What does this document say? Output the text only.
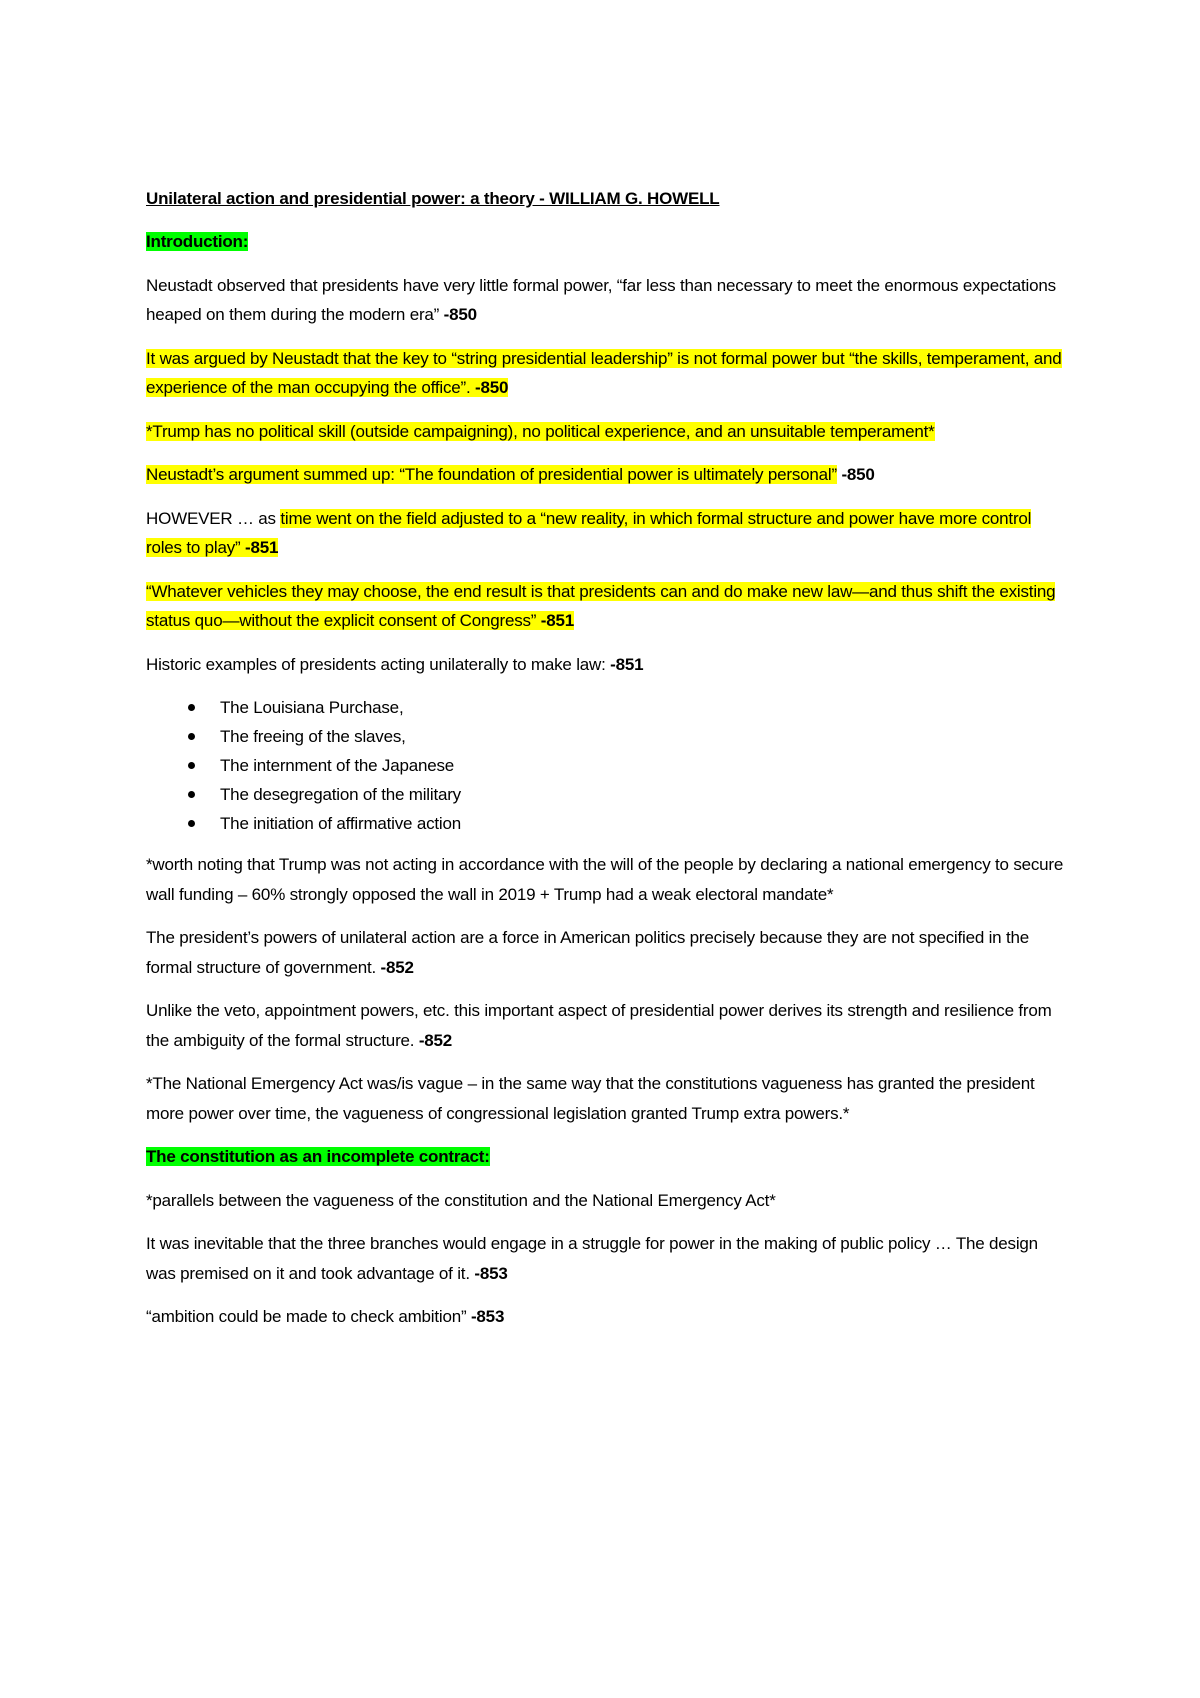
Unilateral action and presidential power: a theory - WILLIAM G. HOWELL

Introduction:

Neustadt observed that presidents have very little formal power, “far less than necessary to meet the enormous expectations heaped on them during the modern era” -850

It was argued by Neustadt that the key to “string presidential leadership” is not formal power but “the skills, temperament, and experience of the man occupying the office”. -850

*Trump has no political skill (outside campaigning), no political experience, and an unsuitable temperament*

Neustadt’s argument summed up: “The foundation of presidential power is ultimately personal” -850

HOWEVER … as time went on the field adjusted to a “new reality, in which formal structure and power have more control roles to play” -851

“Whatever vehicles they may choose, the end result is that presidents can and do make new law—and thus shift the existing status quo—without the explicit consent of Congress” -851

Historic examples of presidents acting unilaterally to make law: -851

The Louisiana Purchase,
The freeing of the slaves,
The internment of the Japanese
The desegregation of the military
The initiation of affirmative action

*worth noting that Trump was not acting in accordance with the will of the people by declaring a national emergency to secure wall funding – 60% strongly opposed the wall in 2019 + Trump had a weak electoral mandate*

The president’s powers of unilateral action are a force in American politics precisely because they are not specified in the formal structure of government. -852

Unlike the veto, appointment powers, etc. this important aspect of presidential power derives its strength and resilience from the ambiguity of the formal structure. -852

*The National Emergency Act was/is vague – in the same way that the constitutions vagueness has granted the president more power over time, the vagueness of congressional legislation granted Trump extra powers.*

The constitution as an incomplete contract:

*parallels between the vagueness of the constitution and the National Emergency Act*

It was inevitable that the three branches would engage in a struggle for power in the making of public policy … The design was premised on it and took advantage of it. -853

“ambition could be made to check ambition” -853
